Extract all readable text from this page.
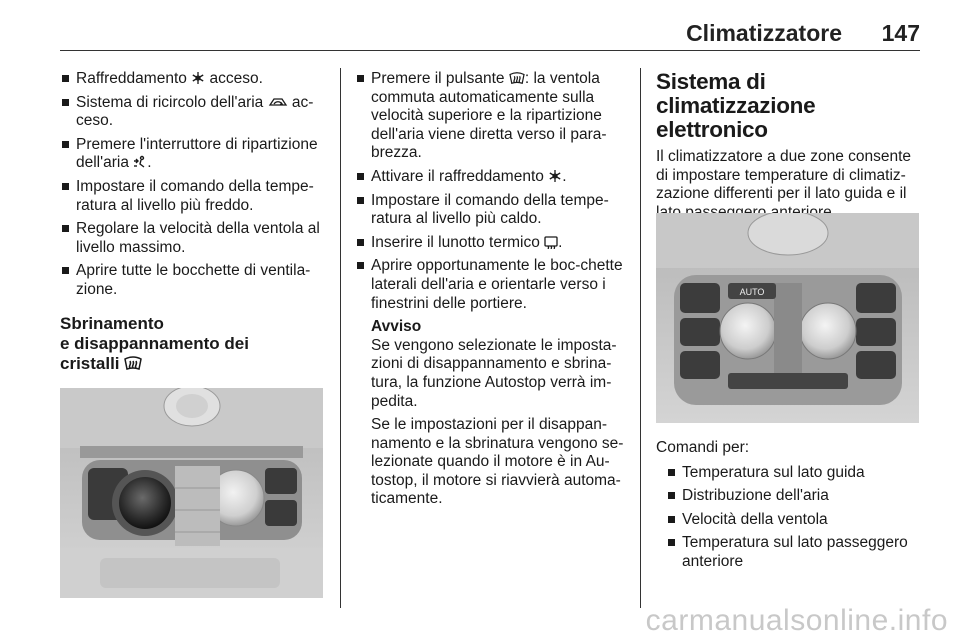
Climatizzatore 147
Raffreddamento  acceso.
Sistema di ricircolo dell'aria  ac-ceso.
Premere l'interruttore di ripartizione dell'aria .
Impostare il comando della tempe-ratura al livello più freddo.
Regolare la velocità della ventola al livello massimo.
Aprire tutte le bocchette di ventila-zione.
Sbrinamento
e disappannamento dei
cristalli
Premere il pulsante : la ventola commuta automaticamente sulla velocità superiore e la ripartizione dell'aria viene diretta verso il para-brezza.
Attivare il raffreddamento .
Impostare il comando della tempe-ratura al livello più caldo.
Inserire il lunotto termico .
Aprire opportunamente le boc-chette laterali dell'aria e orientarle verso i finestrini delle portiere.
Avviso

Se vengono selezionate le imposta-zioni di disappannamento e sbrina-tura, la funzione Autostop verrà im-pedita.

Se le impostazioni per il disappan-namento e la sbrinatura vengono se-lezionate quando il motore è in Au-tostop, il motore si riavvierà automa-ticamente.

Sistema di climatizzazione elettronico

Il climatizzatore a due zone consente di impostare temperature di climatiz-zazione differenti per il lato guida e il

AUTO

Comandi per:

Temperatura sul lato guida
Distribuzione dell'aria
Velocità della ventola
Temperatura sul lato passeggero anteriore
carmanualsonline.info
